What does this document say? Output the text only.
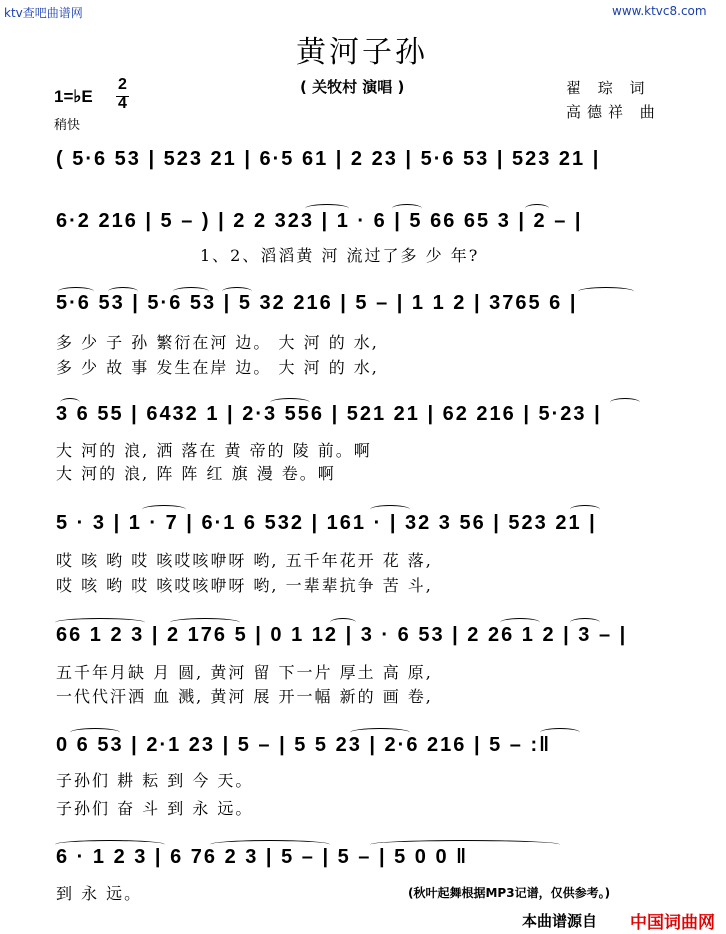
ktv查吧曲谱网	www.ktvc8.com
黄河子孙
( 关牧村 演唱 )	翟 琮 词
高德祥 曲
1=♭E
2
4
稍快
( 5·6 53 | 523 21 | 6·5 61 | 2 23 | 5·6 53 | 523 21 |
6·2 216 | 5 – ) | 2 2 323 | 1 · 6 | 5 66 65 3 | 2 – |
1、2、滔滔黄 河 流过了多 少 年?
5·6 53 | 5·6 53 | 5 32 216 | 5 – | 1 1 2 | 3765 6 |
多 少 子 孙 繁衍在河 边。 大 河 的 水,
多 少 故 事 发生在岸 边。 大 河 的 水,
3 6 55 | 6432 1 | 2·3 556 | 521 21 | 62 216 | 5·23 |
大 河的 浪, 洒 落在 黄 帝的 陵 前。啊
大 河的 浪, 阵 阵 红 旗 漫 卷。啊
5 · 3 | 1 · 7 | 6·1 6 532 | 161 · | 32 3 56 | 523 21 |
哎 咳 哟 哎 咳哎咳咿呀 哟, 五千年花开 花 落,
哎 咳 哟 哎 咳哎咳咿呀 哟, 一辈辈抗争 苦 斗,
66 1 2 3 | 2 176 5 | 0 1 12 | 3 · 6 53 | 2 26 1 2 | 3 – |
五千年月缺 月 圆, 黄河 留 下一片 厚土 高 原,
一代代汗洒 血 溅, 黄河 展 开一幅 新的 画 卷,
0 6 53 | 2·1 23 | 5 – | 5 5 23 | 2·6 216 | 5 – :‖
子孙们 耕 耘 到 今 天。
子孙们 奋 斗 到 永 远。
6 · 1 2 3 | 6 76 2 3 | 5 – | 5 – | 5 0 0 ‖
到 永 远。	(秋叶起舞根据MP3记谱，仅供参考。)
本曲谱源自 中国词曲网
